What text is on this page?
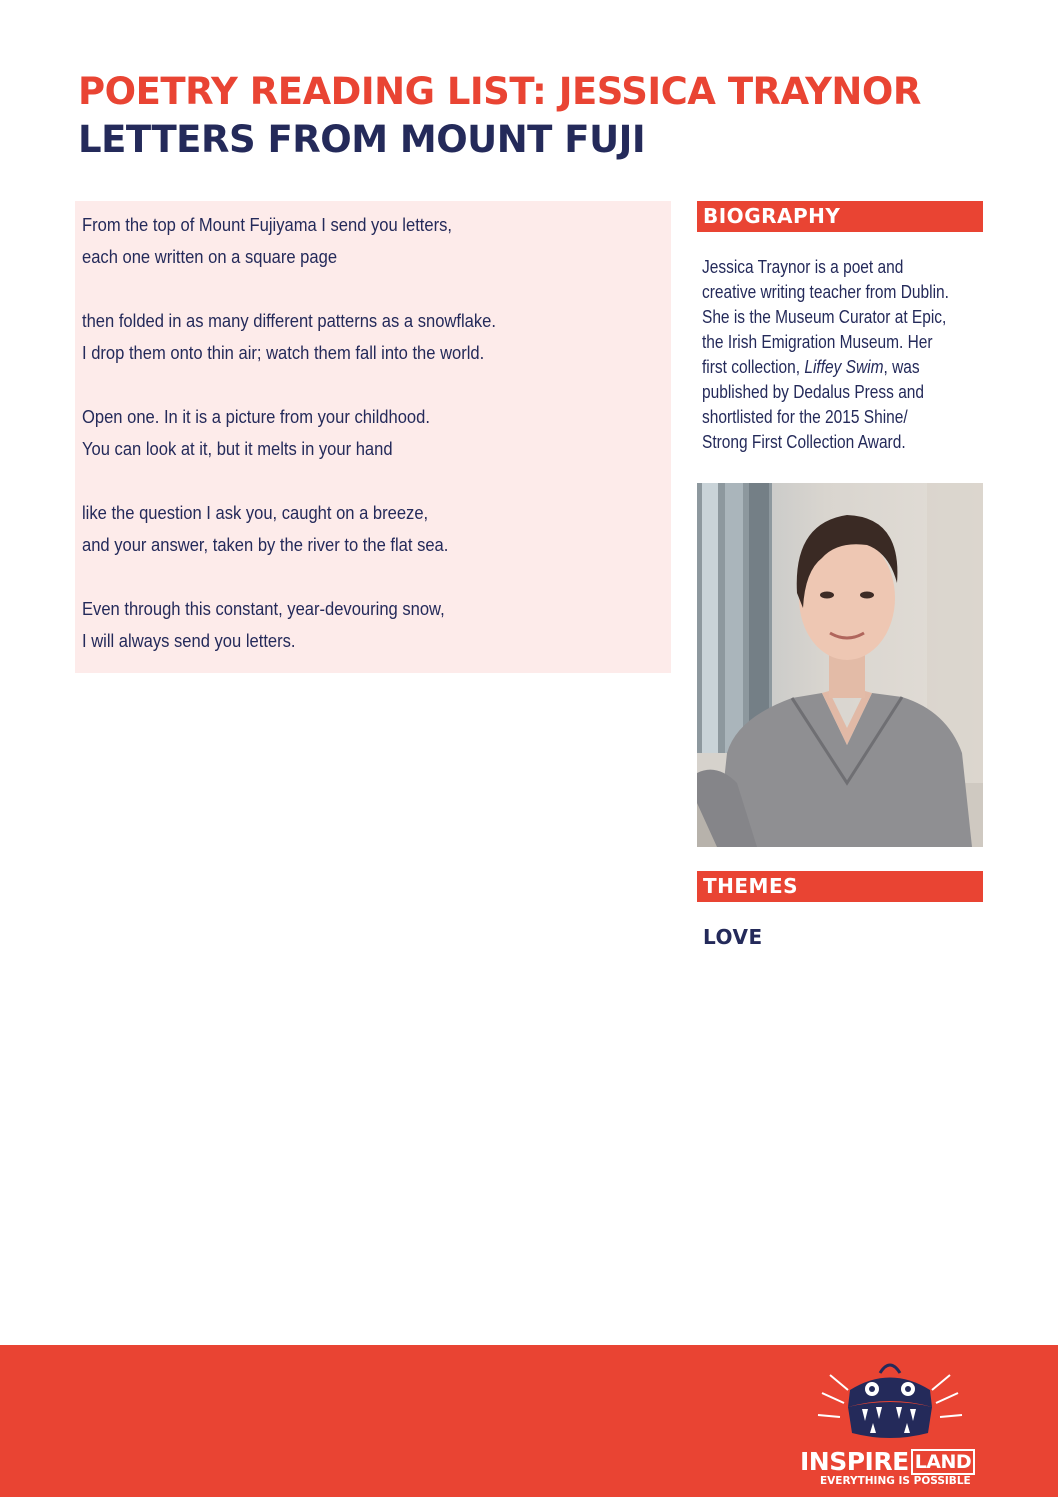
POETRY READING LIST: JESSICA TRAYNOR
LETTERS FROM MOUNT FUJI
From the top of Mount Fujiyama I send you letters,
each one written on a square page
then folded in as many different patterns as a snowflake.
I drop them onto thin air; watch them fall into the world.
Open one. In it is a picture from your childhood.
You can look at it, but it melts in your hand
like the question I ask you, caught on a breeze,
and your answer, taken by the river to the flat sea.
Even through this constant, year-devouring snow,
I will always send you letters.
BIOGRAPHY
Jessica Traynor is a poet and
creative writing teacher from Dublin.
She is the Museum Curator at Epic,
the Irish Emigration Museum. Her
first collection, Liffey Swim, was
published by Dedalus Press and
shortlisted for the 2015 Shine/
Strong First Collection Award.
THEMES
LOVE
INSPIRE LAND
EVERYTHING IS POSSIBLE
